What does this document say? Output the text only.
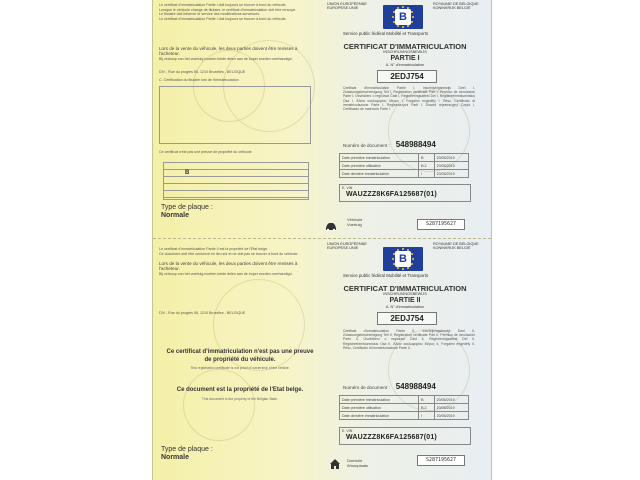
Le certificat d'immatriculation Partie I doit toujours se trouver à bord du véhicule.
Lorsque le véhicule change de titulaire, le certificat d'immatriculation doit être renvoyé.
Le titulaire doit informer le service des modifications survenues.
Le certificat d'immatriculation Partie I doit toujours se trouver à bord du véhicule.
Lors de la vente du véhicule, les deux parties doivent être remises à l'acheteur.
Bij verkoop van het voertuig moeten beide delen aan de koper worden overhandigd.
DIV - Rue du progrès 56, 1210 Bruxelles - BELGIQUE
C. Certification du titulaire lors de l'immatriculation
Ce certificat n'est pas une preuve de propriété du véhicule
B
Type de plaque :
Normale
UNION EUROPÉENNE
EUROPESE UNIE
B
ROYAUME DE BELGIQUE
KONINKRIJK BELGIË
Service public fédéral Mobilité et Transports
CERTIFICAT D'IMMATRICULATION
INSCHRIJVINGSBEWIJS
PARTIE I
A. N° d'immatriculation
2EDJ754
Certificat d'immatriculation Partie I, Inschrijvingsbewijs Deel I, Zulassungsbescheinigung Teil I, Registration certificate Part I, Permiso de circulación Parte I, Osvědčení o registraci Část I, Registreringsattest Del I, Registreerimistunnistus Osa I, Άδεια κυκλοφορίας Μέρος I, Forgalmi engedély I. Rész, Certificato di immatricolazione Parte I, Reġistrazzjoni Parti I, Dowód rejestracyjny Część I, Certificado de matrícula Parte I.
Numéro de document : 548988494
Date première immatriculation	B	20/05/2019
Date première utilisation	B.2	20/05/2019
Date dernière immatriculation	I	20/05/2019
E. VIN
WAUZZZ8K6FA125687(01)
Véhicule
Voertuig	S287195627
Le certificat d'immatriculation Partie II est la propriété de l'Etat belge.
Ce document doit être conservé en lieu sûr et ne doit pas se trouver à bord du véhicule.
Lors de la vente du véhicule, les deux parties doivent être remises à l'acheteur.
Bij verkoop van het voertuig moeten beide delen aan de koper worden overhandigd.
DIV - Rue du progrès 56, 1210 Bruxelles - BELGIQUE
Ce certificat d'immatriculation n'est pas une preuve de propriété du véhicule.
This registration certificate is not proof of ownership of the vehicle.
Ce document est la propriété de l'Etat belge.
This document is the property of the Belgian State.
Type de plaque :
Normale
UNION EUROPÉENNE
EUROPESE UNIE
B
ROYAUME DE BELGIQUE
KONINKRIJK BELGIË
Service public fédéral Mobilité et Transports
CERTIFICAT D'IMMATRICULATION
INSCHRIJVINGSBEWIJS
PARTIE II
A. N° d'immatriculation
2EDJ754
Certificat d'immatriculation Partie II, Inschrijvingsbewijs Deel II, Zulassungsbescheinigung Teil II, Registration certificate Part II, Permiso de circulación Parte II, Osvědčení o registraci Část II, Registreringsattest Del II, Registreerimistunnistus Osa II, Άδεια κυκλοφορίας Μέρος II, Forgalmi engedély II. Rész, Certificato di immatricolazione Parte II.
Numéro de document : 548988494
Date première immatriculation	B	20/05/2019
Date première utilisation	B.2	20/05/2019
Date dernière immatriculation	I	20/05/2019
E. VIN
WAUZZZ8K6FA125687(01)
Domicile
Woonplaats
S287195627
